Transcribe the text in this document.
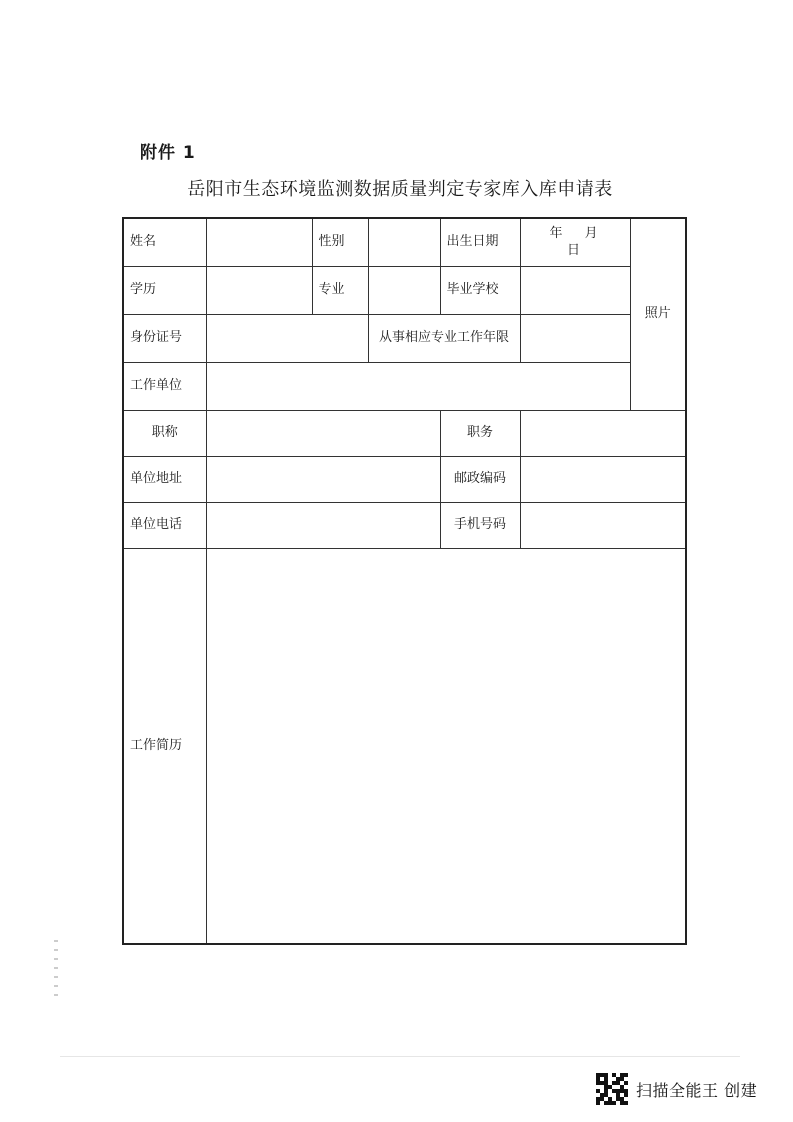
附件 1
岳阳市生态环境监测数据质量判定专家库入库申请表
姓名		性别		出生日期	年 月 日	照片
学历		专业		毕业学校		
身份证号			从事相应专业工作年限			
工作单位						
职称				职务		
单位地址				邮政编码		
单位电话				手机号码		
工作简历						
扫描全能王 创建
